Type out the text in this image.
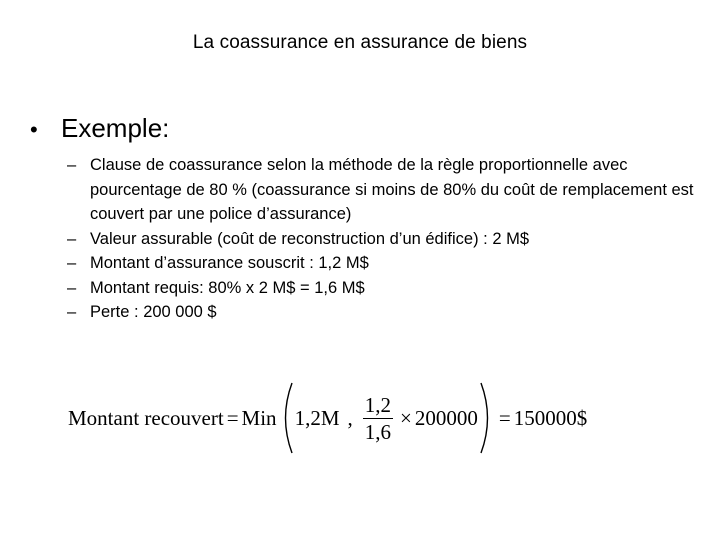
La coassurance en assurance de biens
• Exemple:
– Clause de coassurance selon la méthode de la règle proportionnelle avec pourcentage de 80 % (coassurance si moins de 80% du coût de remplacement est couvert par une police d’assurance)
– Valeur assurable (coût de reconstruction d’un édifice) : 2 M$
– Montant d’assurance souscrit : 1,2 M$
– Montant requis: 80% x 2 M$ = 1,6 M$
– Perte : 200 000 $
Montant recouvert = Min 1,2M , $\frac{1,2}{1,6} \times 200000$ = 150000$
